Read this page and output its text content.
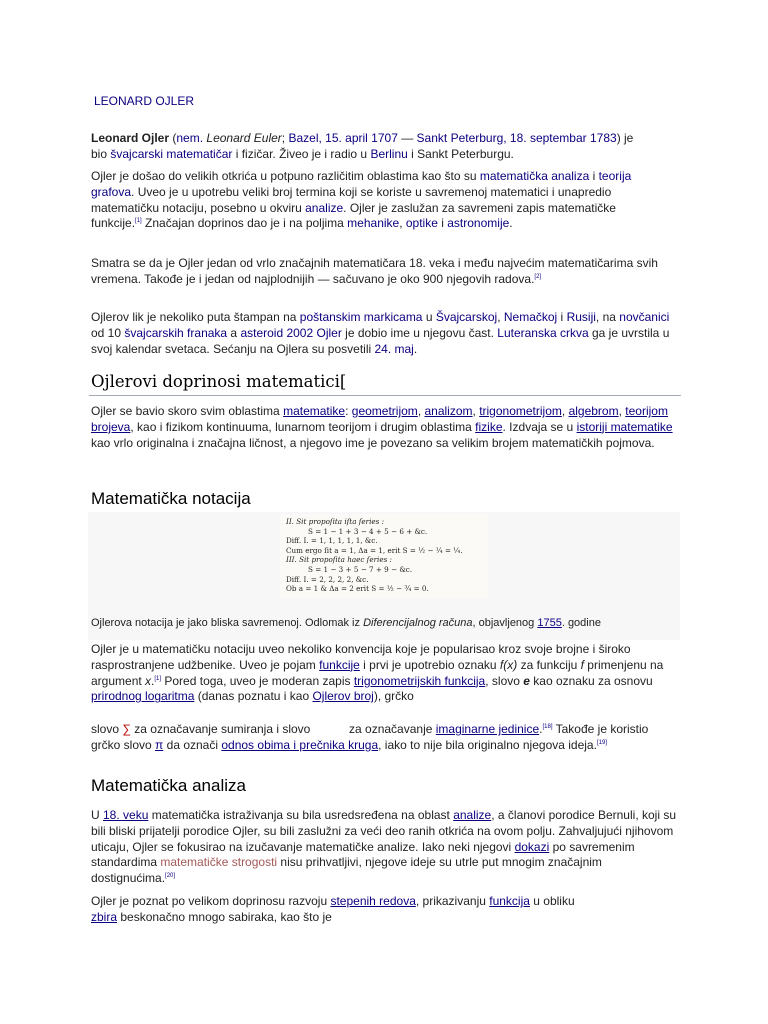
LEONARD OJLER
Leonard Ojler (nem. Leonard Euler; Bazel, 15. april 1707 — Sankt Peterburg, 18. septembar 1783) je bio švajcarski matematičar i fizičar. Živeo je i radio u Berlinu i Sankt Peterburgu.
Ojler je došao do velikih otkrića u potpuno različitim oblastima kao što su matematička analiza i teorija grafova. Uveo je u upotrebu veliki broj termina koji se koriste u savremenoj matematici i unapredio matematičku notaciju, posebno u okviru analize. Ojler je zaslužan za savremeni zapis matematičke funkcije.[1] Značajan doprinos dao je i na poljima mehanike, optike i astronomije.
Smatra se da je Ojler jedan od vrlo značajnih matematičara 18. veka i među najvećim matematičarima svih vremena. Takođe je i jedan od najplodnijih — sačuvano je oko 900 njegovih radova.[2]
Ojlerov lik je nekoliko puta štampan na poštanskim markicama u Švajcarskoj, Nemačkoj i Rusiji, na novčanici od 10 švajcarskih franaka a asteroid 2002 Ojler je dobio ime u njegovu čast. Luteranska crkva ga je uvrstila u svoj kalendar svetaca. Sećanju na Ojlera su posvetili 24. maj.
Ojlerovi doprinosi matematici[
Ojler se bavio skoro svim oblastima matematike: geometrijom, analizom, trigonometrijom, algebrom, teorijom brojeva, kao i fizikom kontinuuma, lunarnom teorijom i drugim oblastima fizike. Izdvaja se u istoriji matematike kao vrlo originalna i značajna ličnost, a njegovo ime je povezano sa velikim brojem matematičkih pojmova.
Matematička notacija
II. Sit propoſita iſta ſeries :
S = 1 − 1 + 3 − 4 + 5 − 6 + &c.
Diff. I. = 1, 1, 1, 1, 1, &c.
Cum ergo ſit a = 1, Δa = 1, erit S = ½ − ¼ = ¼.
III. Sit propoſita haec ſeries :
S = 1 − 3 + 5 − 7 + 9 − &c.
Diff. I. = 2, 2, 2, 2, &c.
Ob a = 1 & Δa = 2 erit S = ½ − ¾ = 0.
Ojlerova notacija je jako bliska savremenoj. Odlomak iz Diferencijalnog računa, objavljenog 1755. godine
Ojler je u matematičku notaciju uveo nekoliko konvencija koje je popularisao kroz svoje brojne i široko rasprostranjene udžbenike. Uveo je pojam funkcije i prvi je upotrebio oznaku f(x) za funkciju f primenjenu na argument x.[1] Pored toga, uveo je moderan zapis trigonometrijskih funkcija, slovo e kao oznaku za osnovu prirodnog logaritma (danas poznatu i kao Ojlerov broj), grčko
slovo ∑ za označavanje sumiranja i slovo	za označavanje imaginarne jedinice.[18] Takođe je koristio grčko slovo π da označi odnos obima i prečnika kruga, iako to nije bila originalno njegova ideja.[19]
Matematička analiza
U 18. veku matematička istraživanja su bila usredsređena na oblast analize, a članovi porodice Bernuli, koji su bili bliski prijatelji porodice Ojler, su bili zaslužni za veći deo ranih otkrića na ovom polju. Zahvaljujući njihovom uticaju, Ojler se fokusirao na izučavanje matematičke analize. Iako neki njegovi dokazi po savremenim standardima matematičke strogosti nisu prihvatljivi, njegove ideje su utrle put mnogim značajnim dostignućima.[20]
Ojler je poznat po velikom doprinosu razvoju stepenih redova, prikazivanju funkcija u obliku zbira beskonačno mnogo sabiraka, kao što je
